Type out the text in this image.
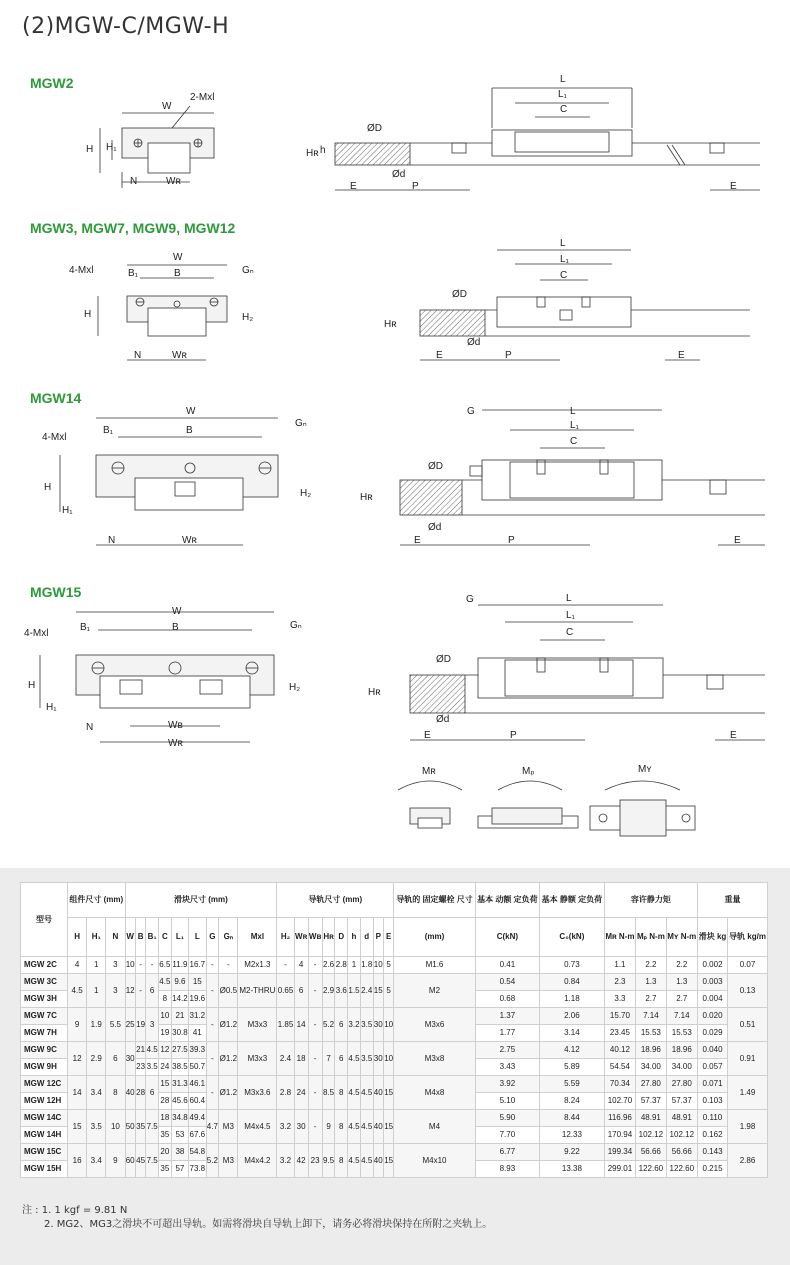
(2)MGW-C/MGW-H
MGW2
MGW3, MGW7, MGW9, MGW12
MGW14
MGW15
W
2-Mxl
H H₁
N	Wʀ
L
L₁
C
ØD
Ød
Hʀ h
E	P	E
W
4-Mxl	B₁	B	Gₙ
H	H₂
N	Wʀ
L
L₁
C
ØD
Ød
Hʀ
E	P	E
W
4-Mxl
B₁	B
Gₙ
H
H₁
H₂
N	Wʀ
L
L₁
C
G
ØD
Ød
Hʀ
E	P	E
W
4-Mxl
B₁	B	Gₙ
H
H₁
H₂
N	Wʙ
Wʀ
L
L₁
C
G
ØD
Ød
Hʀ
E	P	E
Mʀ	Mₚ	Mʏ
型号	组件尺寸 (mm)			滑块尺寸 (mm)									导轨尺寸 (mm)									导轨的 固定螺栓 尺寸	基本 动额 定负荷	基本 静额 定负荷	容许静力矩			重量	
	H	H₁	N	W	B	B₁	C	L₁	L	G	Gₙ	Mxl	H₂	Wʀ	Wʙ	Hʀ	D	h	d	P	E	(mm)	C(kN)	C₀(kN)	Mʀ N-m	Mₚ N-m	Mʏ N-m	滑块 kg	导轨 kg/m
MGW 2C	4	1	3	10	-	-	6.5	11.9	16.7	-	-	M2x1.3	-	4	-	2.6	2.8	1	1.8	10	5	M1.6	0.41	0.73	1.1	2.2	2.2	0.002	0.07
MGW 3C	4.5	1	3	12	-	6	4.5	9.6	15	-	Ø0.5	M2-THRU	0.65	6	-	2.9	3.6	1.5	2.4	15	5	M2	0.54	0.84	2.3	1.3	1.3	0.003	0.13
MGW 3H							8	14.2	19.6														0.68	1.18	3.3	2.7	2.7	0.004	
MGW 7C	9	1.9	5.5	25	19	3	10	21	31.2	-	Ø1.2	M3x3	1.85	14	-	5.2	6	3.2	3.5	30	10	M3x6	1.37	2.06	15.70	7.14	7.14	0.020	0.51
MGW 7H							19	30.8	41														1.77	3.14	23.45	15.53	15.53	0.029	
MGW 9C	12	2.9	6	30	21	4.5	12	27.5	39.3	-	Ø1.2	M3x3	2.4	18	-	7	6	4.5	3.5	30	10	M3x8	2.75	4.12	40.12	18.96	18.96	0.040	0.91
MGW 9H					23	3.5	24	38.5	50.7														3.43	5.89	54.54	34.00	34.00	0.057	
MGW 12C	14	3.4	8	40	28	6	15	31.3	46.1	-	Ø1.2	M3x3.6	2.8	24	-	8.5	8	4.5	4.5	40	15	M4x8	3.92	5.59	70.34	27.80	27.80	0.071	1.49
MGW 12H							28	45.6	60.4														5.10	8.24	102.70	57.37	57.37	0.103	
MGW 14C	15	3.5	10	50	35	7.5	18	34.8	49.4	4.7	M3	M4x4.5	3.2	30	-	9	8	4.5	4.5	40	15	M4	5.90	8.44	116.96	48.91	48.91	0.110	1.98
MGW 14H							35	53	67.6														7.70	12.33	170.94	102.12	102.12	0.162	
MGW 15C	16	3.4	9	60	45	7.5	20	38	54.8	5.2	M3	M4x4.2	3.2	42	23	9.5	8	4.5	4.5	40	15	M4x10	6.77	9.22	199.34	56.66	56.66	0.143	2.86
MGW 15H							35	57	73.8														8.93	13.38	299.01	122.60	122.60	0.215	
注 : 1. 1 kgf = 9.81 N
2. MG2、MG3之滑块不可超出导轨。如需将滑块自导轨上卸下，请务必将滑块保持在所附之夹轨上。
